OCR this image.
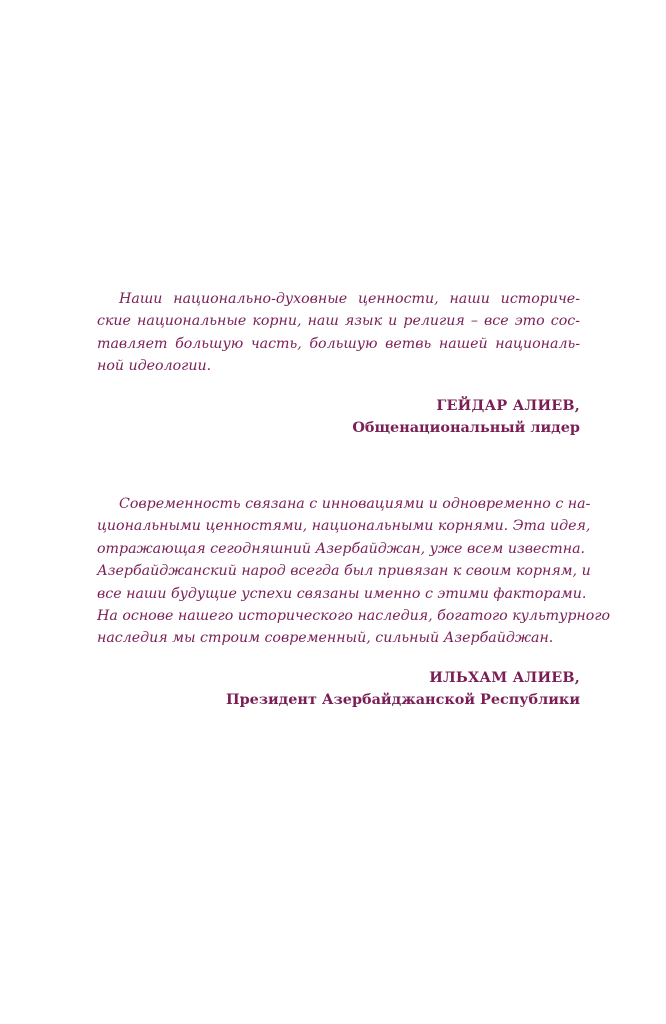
Наши национально-духовные ценности, наши историче-
ские национальные корни, наш язык и религия – все это сос-
тавляет большую часть, большую ветвь нашей националь-
ной идеологии.

ГЕЙДАР АЛИЕВ,
Общенациональный лидер

Современность связана с инновациями и одновременно с на-
циональными ценностями, национальными корнями. Эта идея,
отражающая сегодняшний Азербайджан, уже всем известна.
Азербайджанский народ всегда был привязан к своим корням, и
все наши будущие успехи связаны именно с этими факторами.
На основе нашего исторического наследия, богатого культурного
наследия мы строим современный, сильный Азербайджан.

ИЛЬХАМ АЛИЕВ,
Президент Азербайджанской Республики
